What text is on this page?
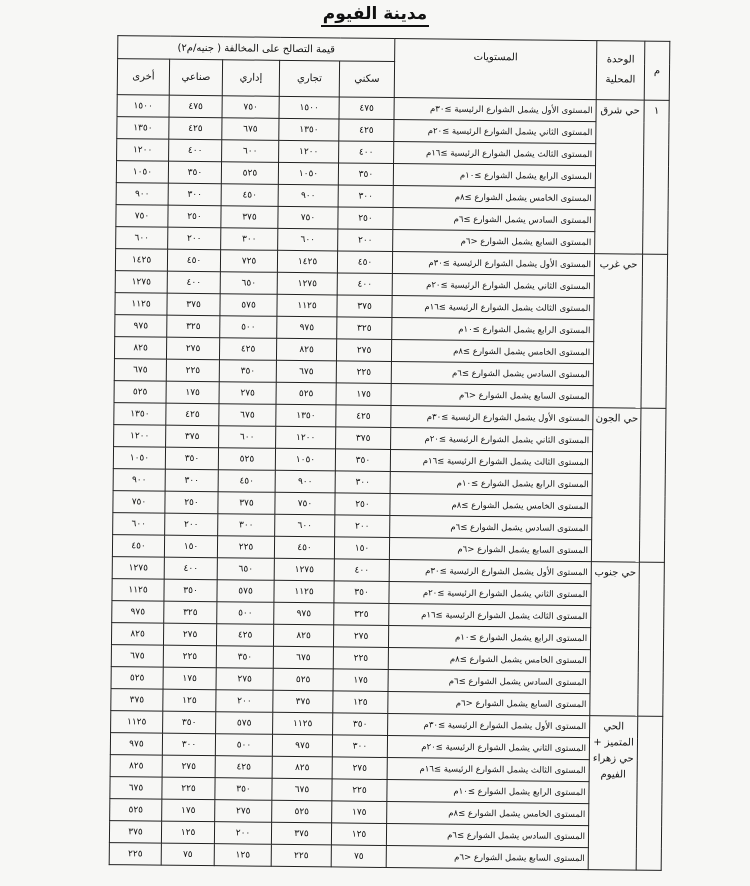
مدينة الفيوم
م	الوحدة المحلية	المستويات	قيمة التصالح على المخالفة ( جنيه/م٢)				
			سكني	تجاري	إداري	صناعي	أخرى
١	حي شرق	المستوى الأول يشمل الشوارع الرئيسية ≥٣٠م	٤٧٥	١٥٠٠	٧٥٠	٤٧٥	١٥٠٠
		المستوى الثاني يشمل الشوارع الرئيسية ≥٢٠م	٤٢٥	١٣٥٠	٦٧٥	٤٢٥	١٣٥٠
		المستوى الثالث يشمل الشوارع الرئيسية ≥١٦م	٤٠٠	١٢٠٠	٦٠٠	٤٠٠	١٢٠٠
		المستوى الرابع يشمل الشوارع ≥١٠م	٣٥٠	١٠٥٠	٥٢٥	٣٥٠	١٠٥٠
		المستوى الخامس يشمل الشوارع ≥٨م	٣٠٠	٩٠٠	٤٥٠	٣٠٠	٩٠٠
		المستوى السادس يشمل الشوارع ≥٦م	٢٥٠	٧٥٠	٣٧٥	٢٥٠	٧٥٠
		المستوى السابع يشمل الشوارع <٦م	٢٠٠	٦٠٠	٣٠٠	٢٠٠	٦٠٠
	حي غرب	المستوى الأول يشمل الشوارع الرئيسية ≥٣٠م	٤٥٠	١٤٢٥	٧٢٥	٤٥٠	١٤٢٥
		المستوى الثاني يشمل الشوارع الرئيسية ≥٢٠م	٤٠٠	١٢٧٥	٦٥٠	٤٠٠	١٢٧٥
		المستوى الثالث يشمل الشوارع الرئيسية ≥١٦م	٣٧٥	١١٢٥	٥٧٥	٣٧٥	١١٢٥
		المستوى الرابع يشمل الشوارع ≥١٠م	٣٢٥	٩٧٥	٥٠٠	٣٢٥	٩٧٥
		المستوى الخامس يشمل الشوارع ≥٨م	٢٧٥	٨٢٥	٤٢٥	٢٧٥	٨٢٥
		المستوى السادس يشمل الشوارع ≥٦م	٢٢٥	٦٧٥	٣٥٠	٢٢٥	٦٧٥
		المستوى السابع يشمل الشوارع <٦م	١٧٥	٥٢٥	٢٧٥	١٧٥	٥٢٥
	حي الجون	المستوى الأول يشمل الشوارع الرئيسية ≥٣٠م	٤٢٥	١٣٥٠	٦٧٥	٤٢٥	١٣٥٠
		المستوى الثاني يشمل الشوارع الرئيسية ≥٢٠م	٣٧٥	١٢٠٠	٦٠٠	٣٧٥	١٢٠٠
		المستوى الثالث يشمل الشوارع الرئيسية ≥١٦م	٣٥٠	١٠٥٠	٥٢٥	٣٥٠	١٠٥٠
		المستوى الرابع يشمل الشوارع ≥١٠م	٣٠٠	٩٠٠	٤٥٠	٣٠٠	٩٠٠
		المستوى الخامس يشمل الشوارع ≥٨م	٢٥٠	٧٥٠	٣٧٥	٢٥٠	٧٥٠
		المستوى السادس يشمل الشوارع ≥٦م	٢٠٠	٦٠٠	٣٠٠	٢٠٠	٦٠٠
		المستوى السابع يشمل الشوارع <٦م	١٥٠	٤٥٠	٢٢٥	١٥٠	٤٥٠
	حي جنوب	المستوى الأول يشمل الشوارع الرئيسية ≥٣٠م	٤٠٠	١٢٧٥	٦٥٠	٤٠٠	١٢٧٥
		المستوى الثاني يشمل الشوارع الرئيسية ≥٢٠م	٣٥٠	١١٢٥	٥٧٥	٣٥٠	١١٢٥
		المستوى الثالث يشمل الشوارع الرئيسية ≥١٦م	٣٢٥	٩٧٥	٥٠٠	٣٢٥	٩٧٥
		المستوى الرابع يشمل الشوارع ≥١٠م	٢٧٥	٨٢٥	٤٢٥	٢٧٥	٨٢٥
		المستوى الخامس يشمل الشوارع ≥٨م	٢٢٥	٦٧٥	٣٥٠	٢٢٥	٦٧٥
		المستوى السادس يشمل الشوارع ≥٦م	١٧٥	٥٢٥	٢٧٥	١٧٥	٥٢٥
		المستوى السابع يشمل الشوارع <٦م	١٢٥	٣٧٥	٢٠٠	١٢٥	٣٧٥
	الحي المتميز + حي زهراء الفيوم	المستوى الأول يشمل الشوارع الرئيسية ≥٣٠م	٣٥٠	١١٢٥	٥٧٥	٣٥٠	١١٢٥
		المستوى الثاني يشمل الشوارع الرئيسية ≥٢٠م	٣٠٠	٩٧٥	٥٠٠	٣٠٠	٩٧٥
		المستوى الثالث يشمل الشوارع الرئيسية ≥١٦م	٢٧٥	٨٢٥	٤٢٥	٢٧٥	٨٢٥
		المستوى الرابع يشمل الشوارع ≥١٠م	٢٢٥	٦٧٥	٣٥٠	٢٢٥	٦٧٥
		المستوى الخامس يشمل الشوارع ≥٨م	١٧٥	٥٢٥	٢٧٥	١٧٥	٥٢٥
		المستوى السادس يشمل الشوارع ≥٦م	١٢٥	٣٧٥	٢٠٠	١٢٥	٣٧٥
		المستوى السابع يشمل الشوارع <٦م	٧٥	٢٢٥	١٢٥	٧٥	٢٢٥
